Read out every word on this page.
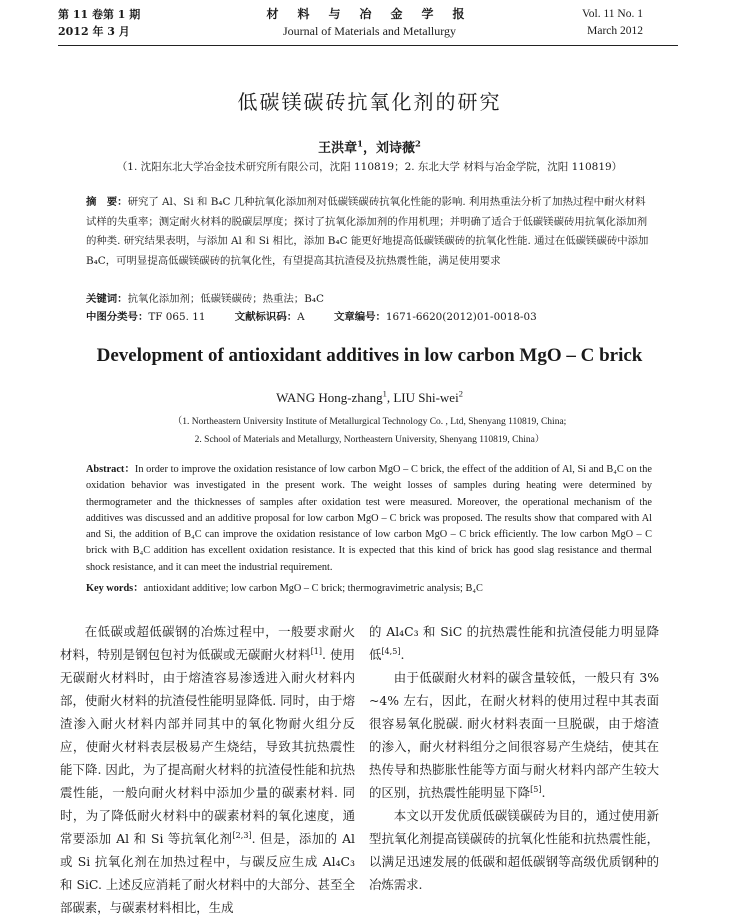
第 11 卷第 1 期
2012 年 3 月
材 料 与 冶 金 学 报
Journal of Materials and Metallurgy
Vol. 11 No. 1
March 2012
低碳镁碳砖抗氧化剂的研究
王洪章$^1$，刘诗薇$^2$
（1. 沈阳东北大学冶金技术研究所有限公司，沈阳 110819；2. 东北大学 材料与冶金学院，沈阳 110819）
摘　要：研究了 Al、Si 和 B₄C 几种抗氧化添加剂对低碳镁碳砖抗氧化性能的影响. 利用热重法分析了加热过程中耐火材料试样的失重率；测定耐火材料的脱碳层厚度；探讨了抗氧化添加剂的作用机理；并明确了适合于低碳镁碳砖用抗氧化添加剂的种类. 研究结果表明，与添加 Al 和 Si 相比，添加 B₄C 能更好地提高低碳镁碳砖的抗氧化性能. 通过在低碳镁碳砖中添加 B₄C，可明显提高低碳镁碳砖的抗氧化性，有望提高其抗渣侵及抗热震性能，满足使用要求
关键词：抗氧化添加剂；低碳镁碳砖；热重法；B₄C
中图分类号：TF 065. 11	文献标识码：A	文章编号：1671-6620(2012)01-0018-03
Development of antioxidant additives in low carbon MgO – C brick
WANG Hong-zhang$^1$, LIU Shi-wei$^2$
（1. Northeastern University Institute of Metallurgical Technology Co. , Ltd, Shenyang 110819, China;
2. School of Materials and Metallurgy, Northeastern University, Shenyang 110819, China）
Abstract：In order to improve the oxidation resistance of low carbon MgO – C brick, the effect of the addition of Al, Si and B₄C on the oxidation behavior was investigated in the present work. The weight losses of samples during heating were determined by thermogrameter and the thicknesses of samples after oxidation test were measured. Moreover, the operational mechanism of the additives was discussed and an additive proposal for low carbon MgO – C brick was proposed. The results show that compared with Al and Si, the addition of B₄C can improve the oxidation resistance of low carbon MgO – C brick efficiently. The low carbon MgO – C brick with B₄C addition has excellent oxidation resistance. It is expected that this kind of brick has good slag resistance and thermal shock resistance, and it can meet the industrial requirement.
Key words：antioxidant additive; low carbon MgO – C brick; thermogravimetric analysis; B₄C

在低碳或超低碳钢的冶炼过程中，一般要求耐火材料，特别是钢包包衬为低碳或无碳耐火材料[1]. 使用无碳耐火材料时，由于熔渣容易渗透进入耐火材料内部，使耐火材料的抗渣侵性能明显降低. 同时，由于熔渣渗入耐火材料内部并同其中的氧化物耐火组分反应，使耐火材料表层极易产生烧结，导致其抗热震性能下降. 因此，为了提高耐火材料的抗渣侵性能和抗热震性能，一般向耐火材料中添加少量的碳素材料. 同时，为了降低耐火材料中的碳素材料的氧化速度，通常要添加 Al 和 Si 等抗氧化剂[2,3]. 但是，添加的 Al 或 Si 抗氧化剂在加热过程中，与碳反应生成 Al₄C₃ 和 SiC. 上述反应消耗了耐火材料中的大部分、甚至全部碳素，与碳素材料相比，生成

的 Al₄C₃ 和 SiC 的抗热震性能和抗渣侵能力明显降低[4,5].

由于低碳耐火材料的碳含量较低，一般只有 3% ~4% 左右，因此，在耐火材料的使用过程中其表面很容易氧化脱碳. 耐火材料表面一旦脱碳，由于熔渣的渗入，耐火材料组分之间很容易产生烧结，使其在热传导和热膨胀性能等方面与耐火材料内部产生较大的区别，抗热震性能明显下降[5].

本文以开发优质低碳镁碳砖为目的，通过使用新型抗氧化剂提高镁碳砖的抗氧化性能和抗热震性能，以满足迅速发展的低碳和超低碳钢等高级优质钢种的冶炼需求.
